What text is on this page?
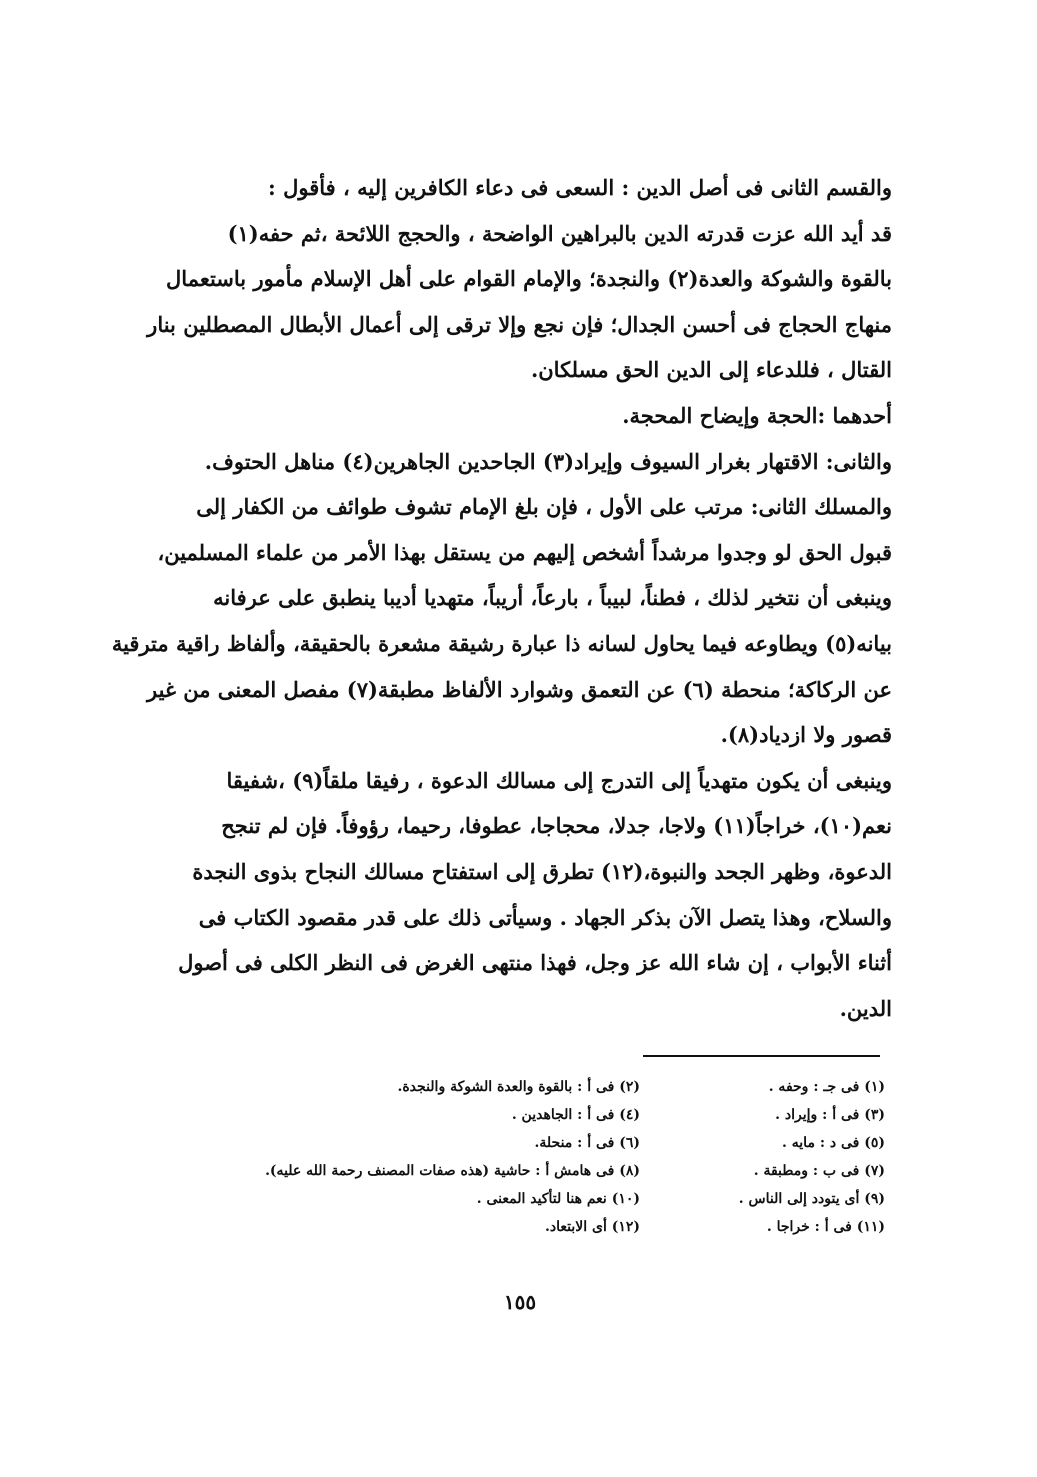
والقسم الثانى فى أصل الدين : السعى فى دعاء الكافرين إليه ، فأقول :
قد أيد الله عزت قدرته الدين بالبراهين الواضحة ، والحجج اللائحة ،ثم حفه(١)
بالقوة والشوكة والعدة(٢) والنجدة؛ والإمام القوام على أهل الإسلام مأمور باستعمال
منهاج الحجاج فى أحسن الجدال؛ فإن نجع وإلا ترقى إلى أعمال الأبطال المصطلين بنار
القتال ، فللدعاء إلى الدين الحق مسلكان.
أحدهما :الحجة وإيضاح المحجة.
والثانى: الاقتهار بغرار السيوف وإيراد(٣) الجاحدين الجاهرين(٤) مناهل الحتوف.
والمسلك الثانى: مرتب على الأول ، فإن بلغ الإمام تشوف طوائف من الكفار إلى
قبول الحق لو وجدوا مرشداً أشخص إليهم من يستقل بهذا الأمر من علماء المسلمين،
وينبغى أن نتخير لذلك ، فطناً، لبيباً ، بارعاً، أريباً، متهديا أديبا ينطبق على عرفانه
بيانه(٥) ويطاوعه فيما يحاول لسانه ذا عبارة رشيقة مشعرة بالحقيقة، وألفاظ راقية مترقية
عن الركاكة؛ منحطة (٦) عن التعمق وشوارد الألفاظ مطبقة(٧) مفصل المعنى من غير
قصور ولا ازدياد(٨).
وينبغى أن يكون متهدياً إلى التدرج إلى مسالك الدعوة ، رفيقا ملقاً(٩) ،شفيقا
نعم(١٠)، خراجاً(١١) ولاجا، جدلا، محجاجا، عطوفا، رحيما، رؤوفاً. فإن لم تنجح
الدعوة، وظهر الجحد والنبوة،(١٢) تطرق إلى استفتاح مسالك النجاح بذوى النجدة
والسلاح، وهذا يتصل الآن بذكر الجهاد . وسيأتى ذلك على قدر مقصود الكتاب فى
أثناء الأبواب ، إن شاء الله عز وجل، فهذا منتهى الغرض فى النظر الكلى فى أصول
الدين.
(١) فى جـ : وحفه .
(٢) فى أ : بالقوة والعدة الشوكة والنجدة.
(٣) فى أ : وإيراد .
(٤) فى أ : الجاهدين .
(٥) فى د : مايه .
(٦) فى أ : منحلة.
(٧) فى ب : ومطبقة .
(٨) فى هامش أ : حاشية (هذه صفات المصنف رحمة الله عليه).
(٩) أى يتودد إلى الناس .
(١٠) نعم هنا لتأكيد المعنى .
(١١) فى أ : خراجا .
(١٢) أى الابتعاد.
١٥٥
